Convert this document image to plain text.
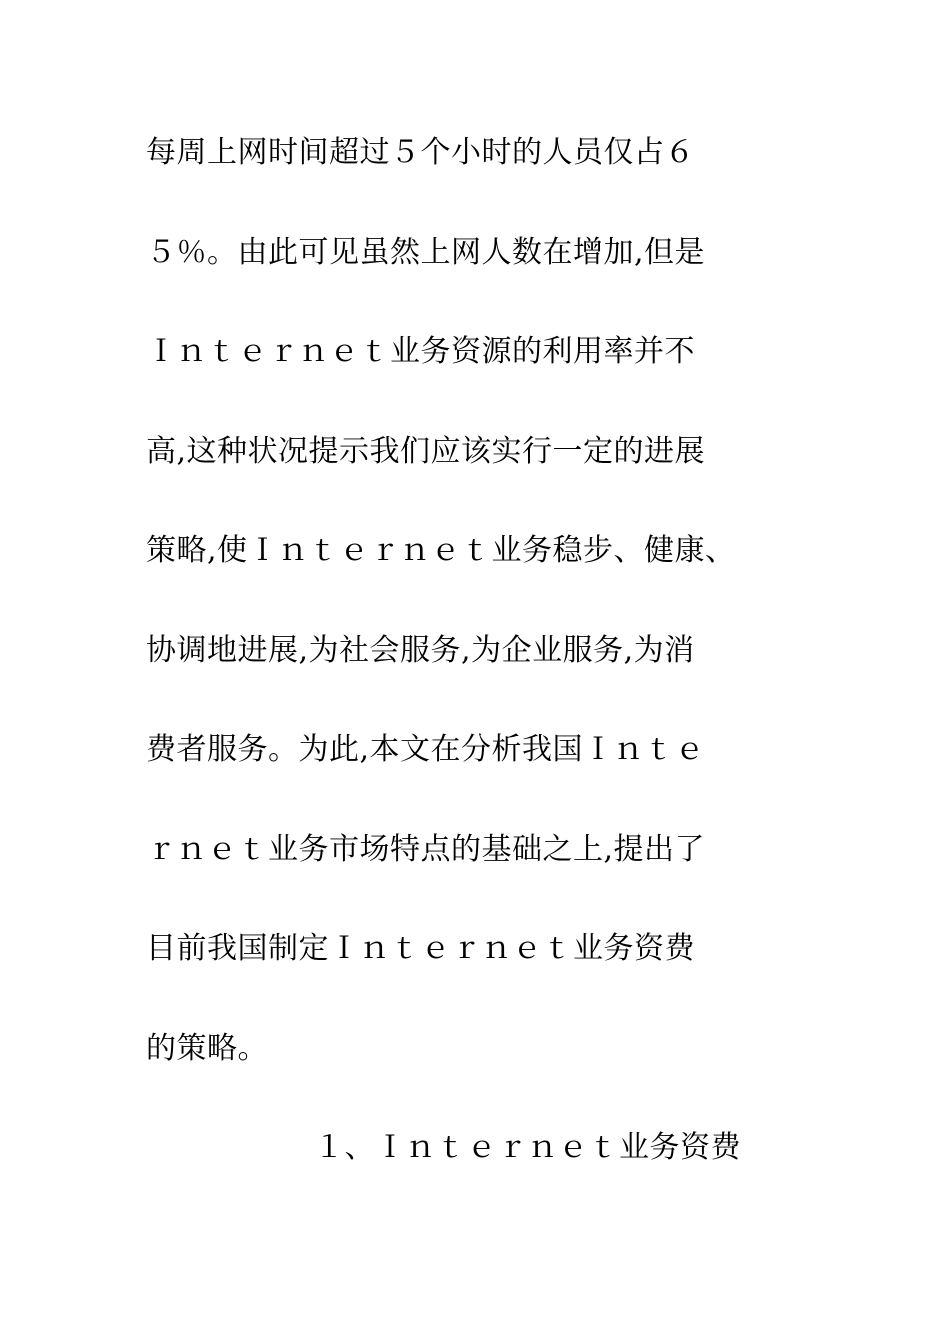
每周上网时间超过５个小时的人员仅占６
５％。由此可见虽然上网人数在增加,但是
Ｉｎｔｅｒｎｅｔ业务资源的利用率并不
高,这种状况提示我们应该实行一定的进展
策略,使Ｉｎｔｅｒｎｅｔ业务稳步、健康、
协调地进展,为社会服务,为企业服务,为消
费者服务。为此,本文在分析我国Ｉｎｔｅ
ｒｎｅｔ业务市场特点的基础之上,提出了
目前我国制定Ｉｎｔｅｒｎｅｔ业务资费
的策略。
１、Ｉｎｔｅｒｎｅｔ业务资费
